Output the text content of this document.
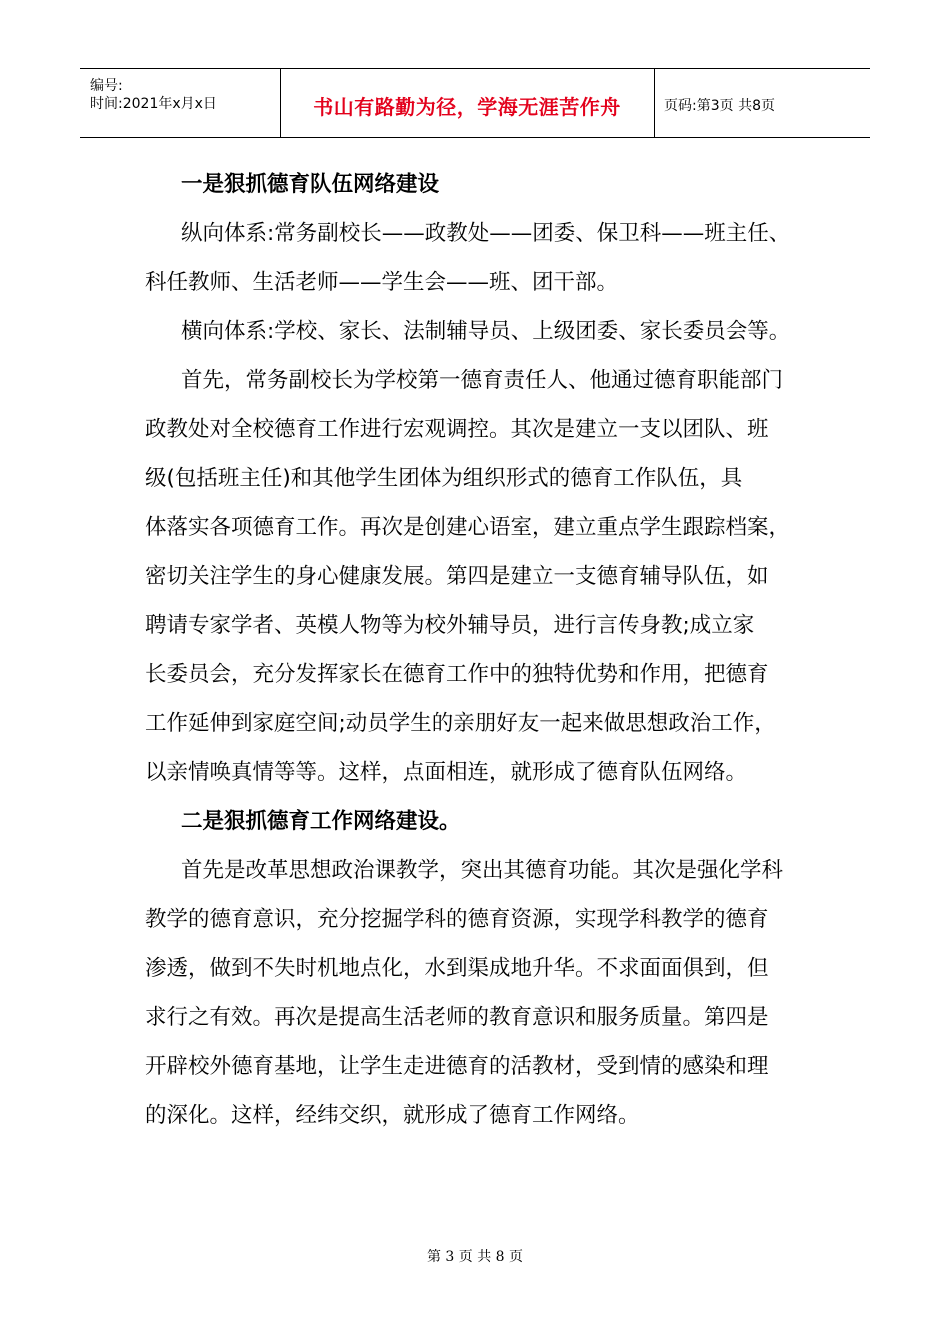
编号:
时间:2021年x月x日	书山有路勤为径，学海无涯苦作舟	页码:第3页 共8页
一是狠抓德育队伍网络建设
纵向体系:常务副校长——政教处——团委、保卫科——班主任、
科任教师、生活老师——学生会——班、团干部。
横向体系:学校、家长、法制辅导员、上级团委、家长委员会等。
首先，常务副校长为学校第一德育责任人、他通过德育职能部门
政教处对全校德育工作进行宏观调控。其次是建立一支以团队、班
级(包括班主任)和其他学生团体为组织形式的德育工作队伍，具
体落实各项德育工作。再次是创建心语室，建立重点学生跟踪档案，
密切关注学生的身心健康发展。第四是建立一支德育辅导队伍，如
聘请专家学者、英模人物等为校外辅导员，进行言传身教;成立家
长委员会，充分发挥家长在德育工作中的独特优势和作用，把德育
工作延伸到家庭空间;动员学生的亲朋好友一起来做思想政治工作，
以亲情唤真情等等。这样，点面相连，就形成了德育队伍网络。
二是狠抓德育工作网络建设。
首先是改革思想政治课教学，突出其德育功能。其次是强化学科
教学的德育意识，充分挖掘学科的德育资源，实现学科教学的德育
渗透，做到不失时机地点化，水到渠成地升华。不求面面俱到，但
求行之有效。再次是提高生活老师的教育意识和服务质量。第四是
开辟校外德育基地，让学生走进德育的活教材，受到情的感染和理
的深化。这样，经纬交织，就形成了德育工作网络。
第 3 页 共 8 页
